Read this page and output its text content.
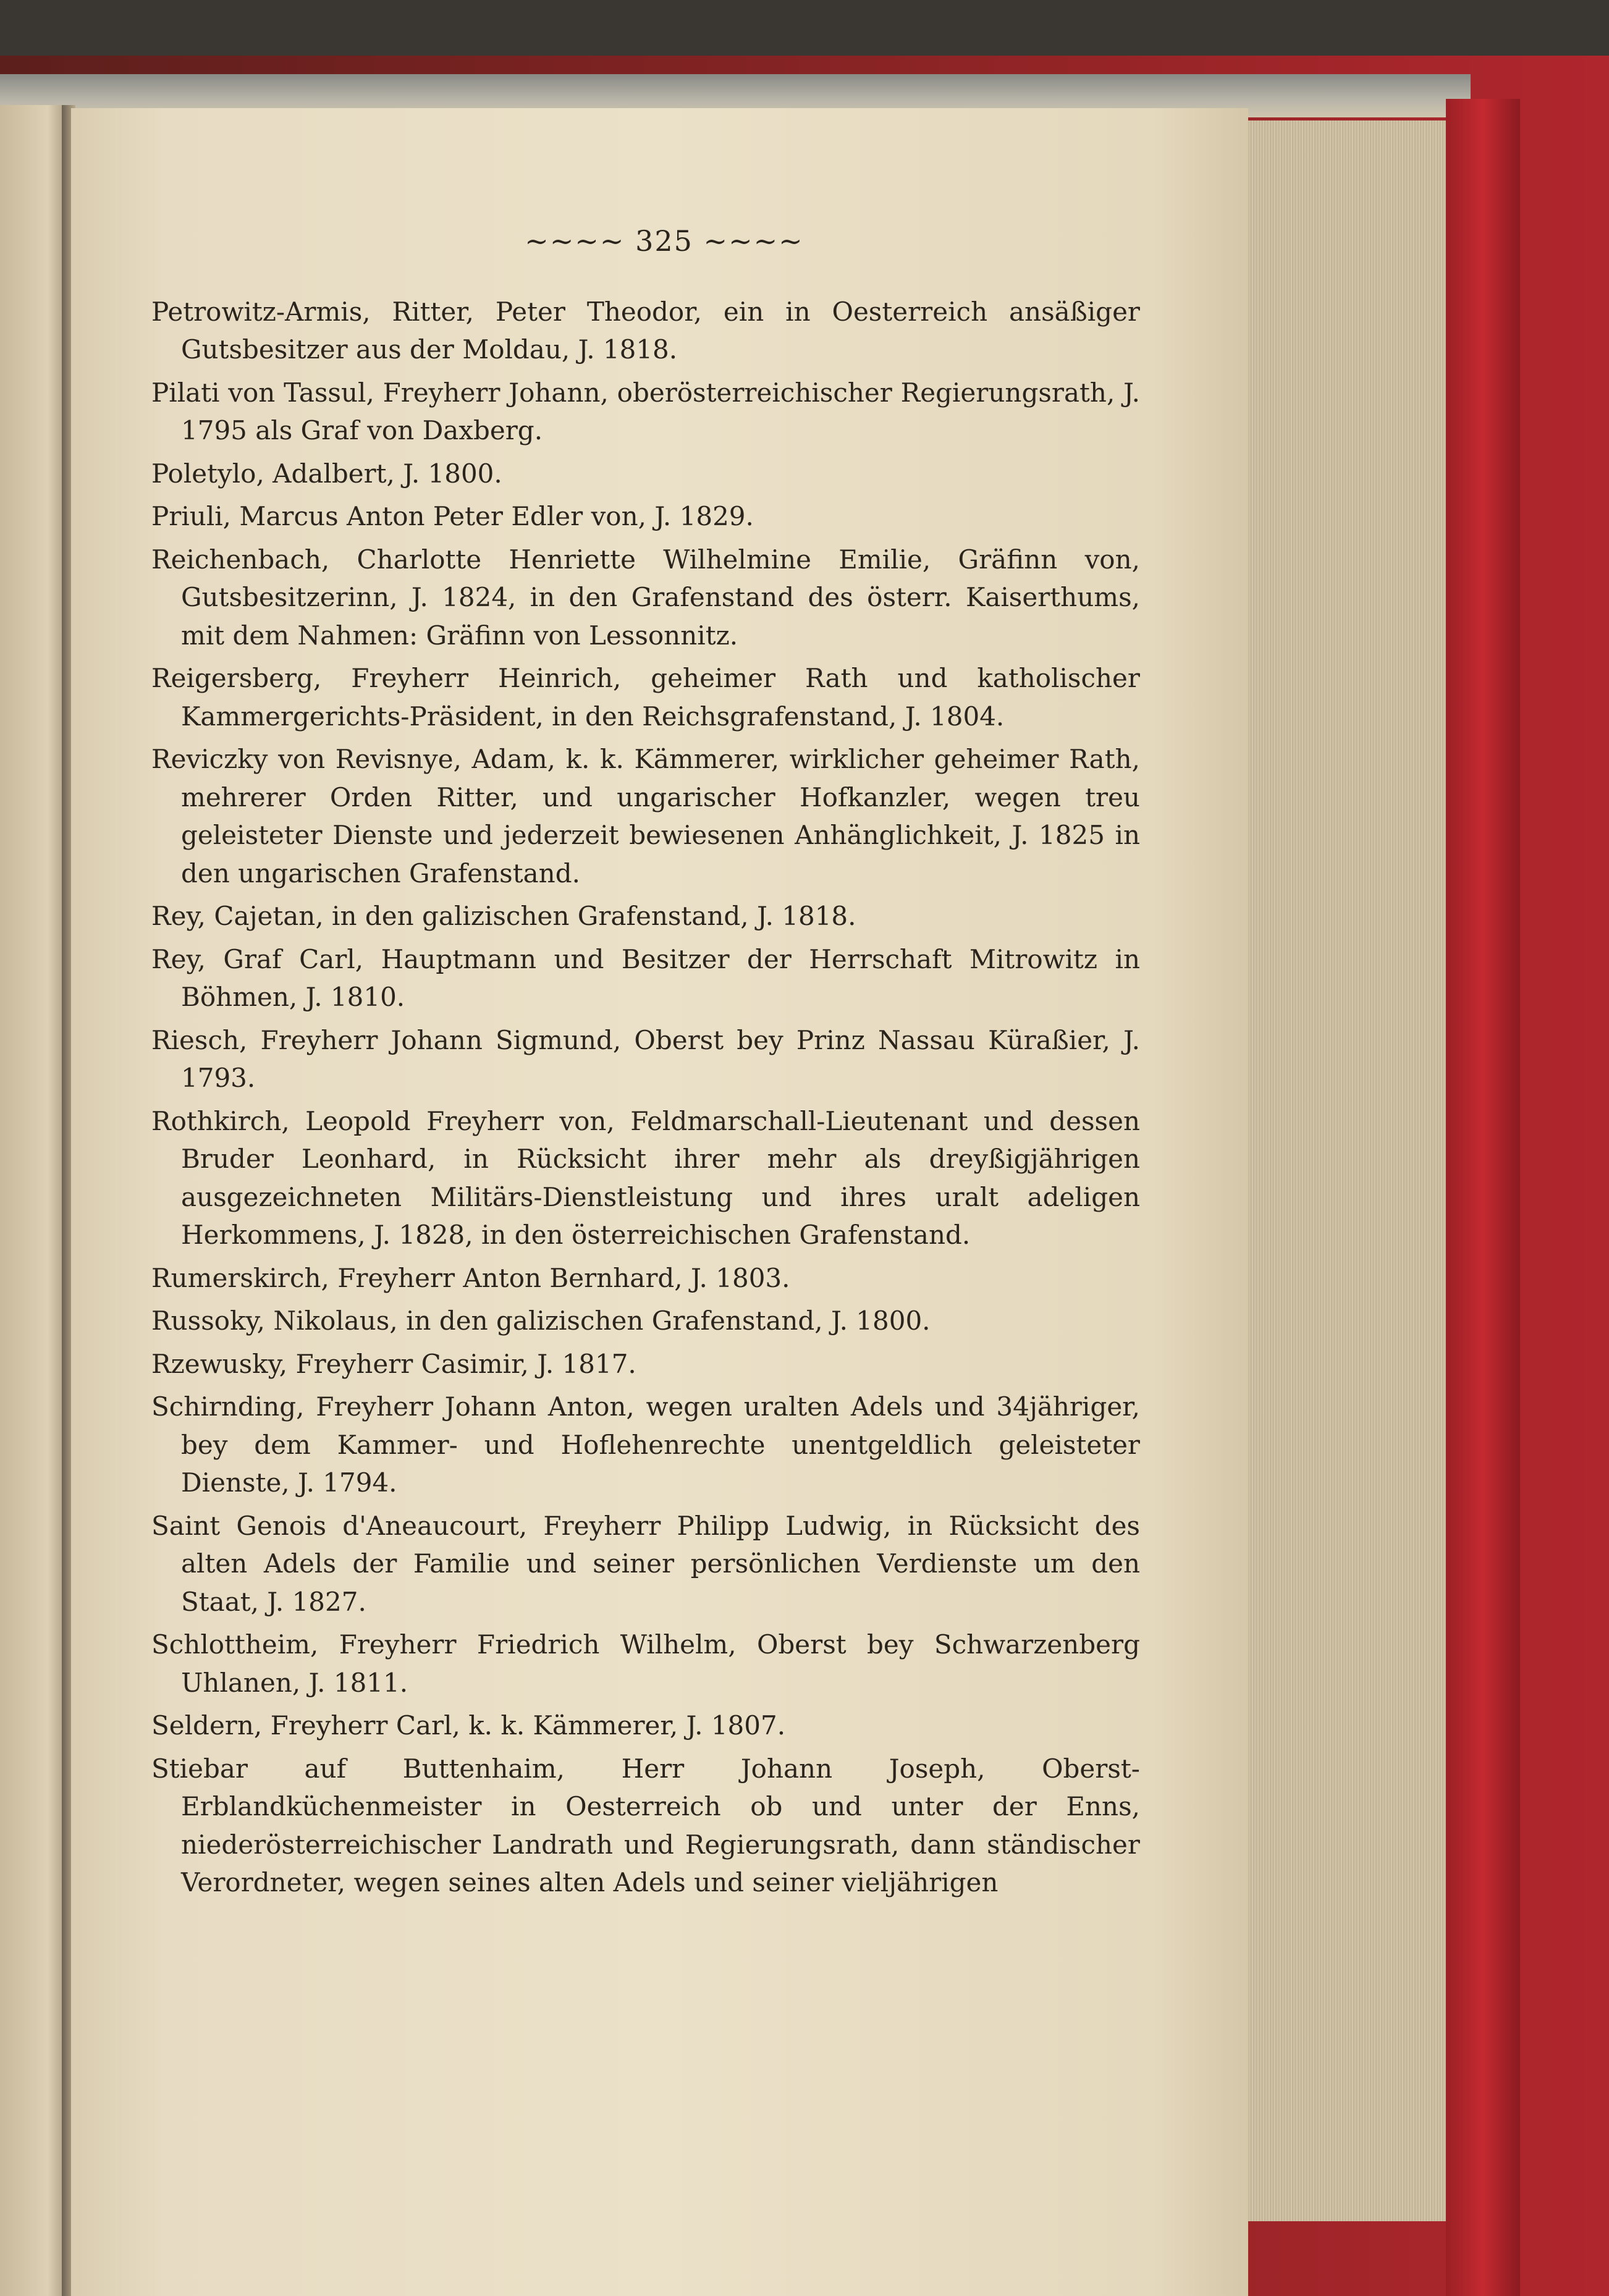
~~~~ 325 ~~~~

Petrowitz-Armis, Ritter, Peter Theodor, ein in Oesterreich ansäßiger Gutsbesitzer aus der Moldau, J. 1818.

Pilati von Tassul, Freyherr Johann, oberösterreichischer Regierungsrath, J. 1795 als Graf von Daxberg.

Poletylo, Adalbert, J. 1800.

Priuli, Marcus Anton Peter Edler von, J. 1829.

Reichenbach, Charlotte Henriette Wilhelmine Emilie, Gräfinn von, Gutsbesitzerinn, J. 1824, in den Grafenstand des österr. Kaiserthums, mit dem Nahmen: Gräfinn von Lessonnitz.

Reigersberg, Freyherr Heinrich, geheimer Rath und katholischer Kammergerichts-Präsident, in den Reichsgrafenstand, J. 1804.

Reviczky von Revisnye, Adam, k. k. Kämmerer, wirklicher geheimer Rath, mehrerer Orden Ritter, und ungarischer Hofkanzler, wegen treu geleisteter Dienste und jederzeit bewiesenen Anhänglichkeit, J. 1825 in den ungarischen Grafenstand.

Rey, Cajetan, in den galizischen Grafenstand, J. 1818.

Rey, Graf Carl, Hauptmann und Besitzer der Herrschaft Mitrowitz in Böhmen, J. 1810.

Riesch, Freyherr Johann Sigmund, Oberst bey Prinz Nassau Küraßier, J. 1793.

Rothkirch, Leopold Freyherr von, Feldmarschall-Lieutenant und dessen Bruder Leonhard, in Rücksicht ihrer mehr als dreyßigjährigen ausgezeichneten Militärs-Dienstleistung und ihres uralt adeligen Herkommens, J. 1828, in den österreichischen Grafenstand.

Rumerskirch, Freyherr Anton Bernhard, J. 1803.

Russoky, Nikolaus, in den galizischen Grafenstand, J. 1800.

Rzewusky, Freyherr Casimir, J. 1817.

Schirnding, Freyherr Johann Anton, wegen uralten Adels und 34jähriger, bey dem Kammer- und Hoflehenrechte unentgeldlich geleisteter Dienste, J. 1794.

Saint Genois d'Aneaucourt, Freyherr Philipp Ludwig, in Rücksicht des alten Adels der Familie und seiner persönlichen Verdienste um den Staat, J. 1827.

Schlottheim, Freyherr Friedrich Wilhelm, Oberst bey Schwarzenberg Uhlanen, J. 1811.

Seldern, Freyherr Carl, k. k. Kämmerer, J. 1807.

Stiebar auf Buttenhaim, Herr Johann Joseph, Oberst-Erblandküchenmeister in Oesterreich ob und unter der Enns, niederösterreichischer Landrath und Regierungsrath, dann ständischer Verordneter, wegen seines alten Adels und seiner vieljährigen
